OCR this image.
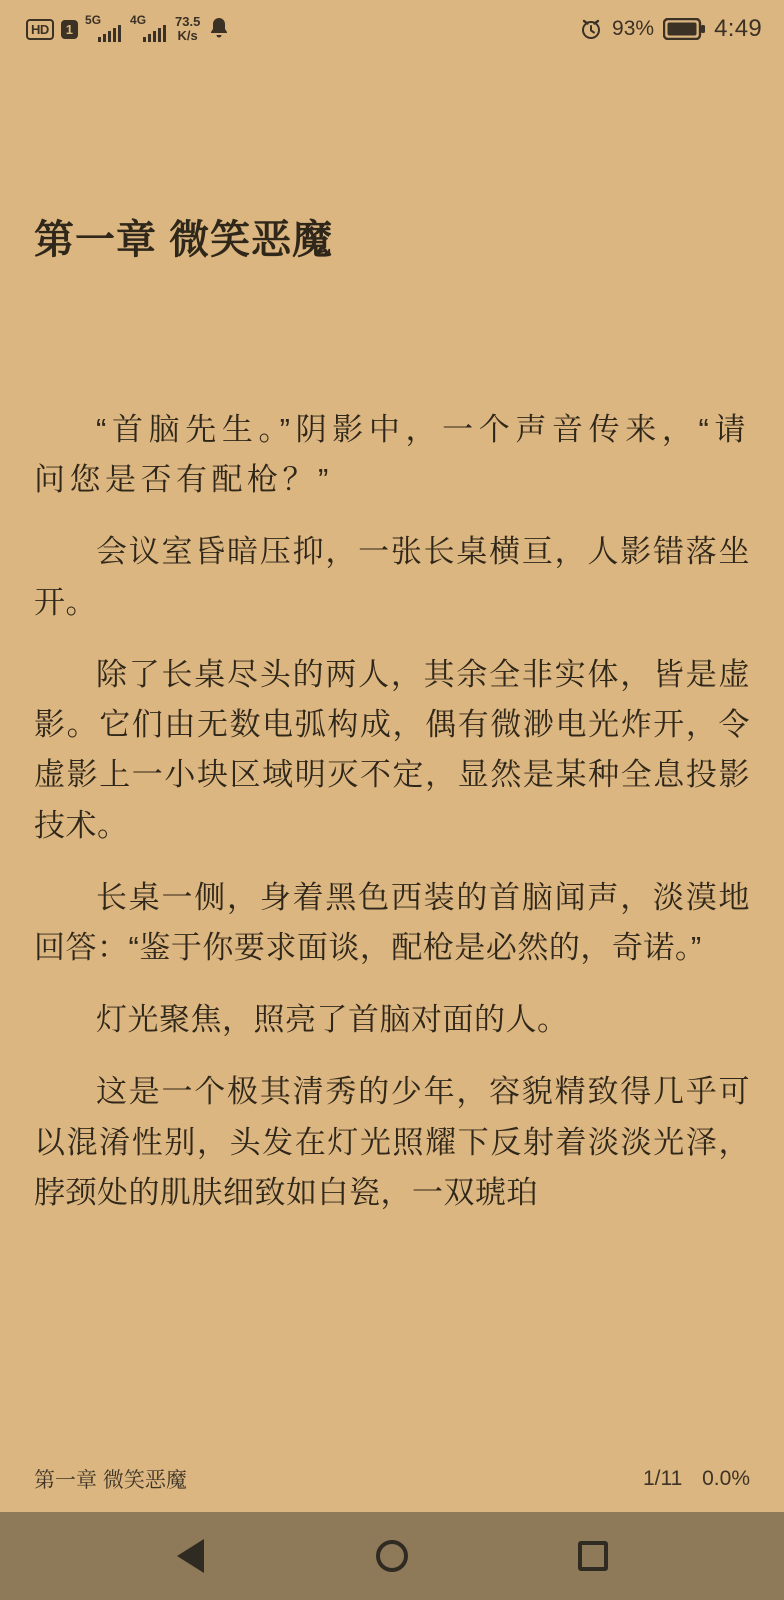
HD	1
5G 4G 73.5
K/s	93%	4:49
第一章 微笑恶魔

“首脑先生。”阴影中，一个声音传来，“请问您是否有配枪？”

会议室昏暗压抑，一张长桌横亘，人影错落坐开。

除了长桌尽头的两人，其余全非实体，皆是虚影。它们由无数电弧构成，偶有微渺电光炸开，令虚影上一小块区域明灭不定，显然是某种全息投影技术。

长桌一侧，身着黑色西装的首脑闻声，淡漠地回答：“鉴于你要求面谈，配枪是必然的，奇诺。”

灯光聚焦，照亮了首脑对面的人。

这是一个极其清秀的少年，容貌精致得几乎可以混淆性别，头发在灯光照耀下反射着淡淡光泽，脖颈处的肌肤细致如白瓷，一双琥珀

第一章 微笑恶魔	1/11 0.0%
